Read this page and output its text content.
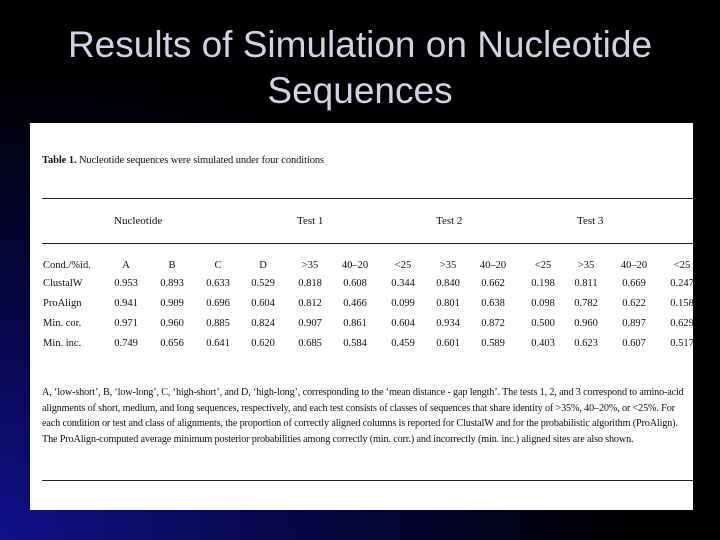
Results of Simulation on Nucleotide
Sequences
Table 1. Nucleotide sequences were simulated under four conditions
Nucleotide	Test 1	Test 2	Test 3
Cond./%id.	A	B	C	D	>35 40–20	<25	>35 40–20	<25	>35	40–20	<25
ClustalW	0.953 0.893 0.633 0.529 0.818 0.608 0.344 0.840 0.662	0.198 0.811 0.669 0.247
ProAlign	0.941 0.909 0.696 0.604 0.812 0.466 0.099 0.801 0.638	0.098 0.782 0.622 0.158
Min. cor.	0.971 0.960 0.885 0.824 0.907 0.861 0.604 0.934 0.872	0.500 0.960 0.897 0.629
Min. inc.	0.749 0.656 0.641 0.620 0.685 0.584 0.459 0.601 0.589	0.403 0.623 0.607 0.517
A, ‘low-short’, B, ‘low-long’, C, ‘high-short’, and D, ‘high-long’, corresponding to the ‘mean distance - gap length’. The tests 1, 2, and 3 correspond to amino-acid alignments of short, medium, and long sequences, respectively, and each test consists of classes of sequences that share identity of >35%, 40–20%, or <25%. For each condition or test and class of alignments, the proportion of correctly aligned columns is reported for ClustalW and for the probabilistic algorithm (ProAlign). The ProAlign-computed average minimum posterior probabilities among correctly (min. corr.) and incorrectly (min. inc.) aligned sites are also shown.
